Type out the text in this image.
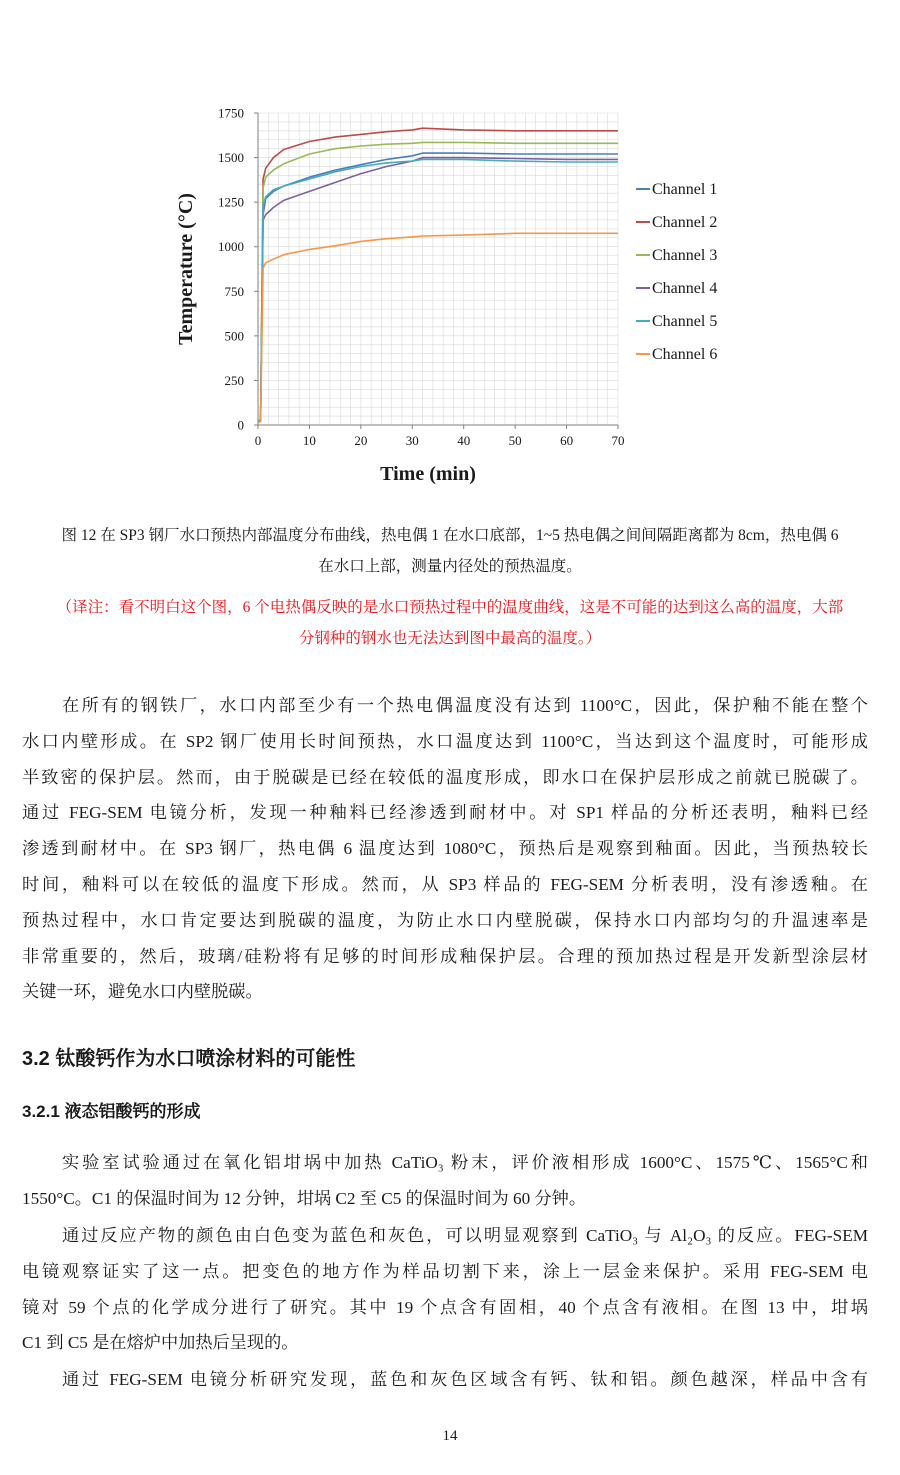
0	10	20	30	40	50	60	70
0
250
500
750
1000
1250
1500
1750
Time (min)
Temperature (°C)
Channel 1
Channel 2
Channel 3
Channel 4
Channel 5
Channel 6
图 12 在 SP3 钢厂水口预热内部温度分布曲线，热电偶 1 在水口底部，1~5 热电偶之间间隔距离都为 8cm，热电偶 6
在水口上部，测量内径处的预热温度。
（译注：看不明白这个图，6 个电热偶反映的是水口预热过程中的温度曲线，这是不可能的达到这么高的温度，大部
分钢种的钢水也无法达到图中最高的温度。）
在所有的钢铁厂，水口内部至少有一个热电偶温度没有达到 1100°C，因此，保护釉不能在整个
水口内壁形成。在 SP2 钢厂使用长时间预热，水口温度达到 1100°C，当达到这个温度时，可能形成
半致密的保护层。然而，由于脱碳是已经在较低的温度形成，即水口在保护层形成之前就已脱碳了。
通过 FEG-SEM 电镜分析，发现一种釉料已经渗透到耐材中。对 SP1 样品的分析还表明，釉料已经
渗透到耐材中。在 SP3 钢厂，热电偶 6 温度达到 1080°C，预热后是观察到釉面。因此，当预热较长
时间，釉料可以在较低的温度下形成。然而，从 SP3 样品的 FEG-SEM 分析表明，没有渗透釉。在
预热过程中，水口肯定要达到脱碳的温度，为防止水口内壁脱碳，保持水口内部均匀的升温速率是
非常重要的，然后，玻璃/硅粉将有足够的时间形成釉保护层。合理的预加热过程是开发新型涂层材
关键一环，避免水口内壁脱碳。
3.2 钛酸钙作为水口喷涂材料的可能性
3.2.1 液态铝酸钙的形成
实验室试验通过在氧化铝坩埚中加热 CaTiO₃ 粉末，评价液相形成 1600°C、1575℃、1565°C和
1550°C。C1 的保温时间为 12 分钟，坩埚 C2 至 C5 的保温时间为 60 分钟。
通过反应产物的颜色由白色变为蓝色和灰色，可以明显观察到 CaTiO₃ 与 Al₂O₃ 的反应。FEG-SEM
电镜观察证实了这一点。把变色的地方作为样品切割下来，涂上一层金来保护。采用 FEG-SEM 电
镜对 59 个点的化学成分进行了研究。其中 19 个点含有固相，40 个点含有液相。在图 13 中，坩埚
C1 到 C5 是在熔炉中加热后呈现的。
通过 FEG-SEM 电镜分析研究发现，蓝色和灰色区域含有钙、钛和铝。颜色越深，样品中含有
14
